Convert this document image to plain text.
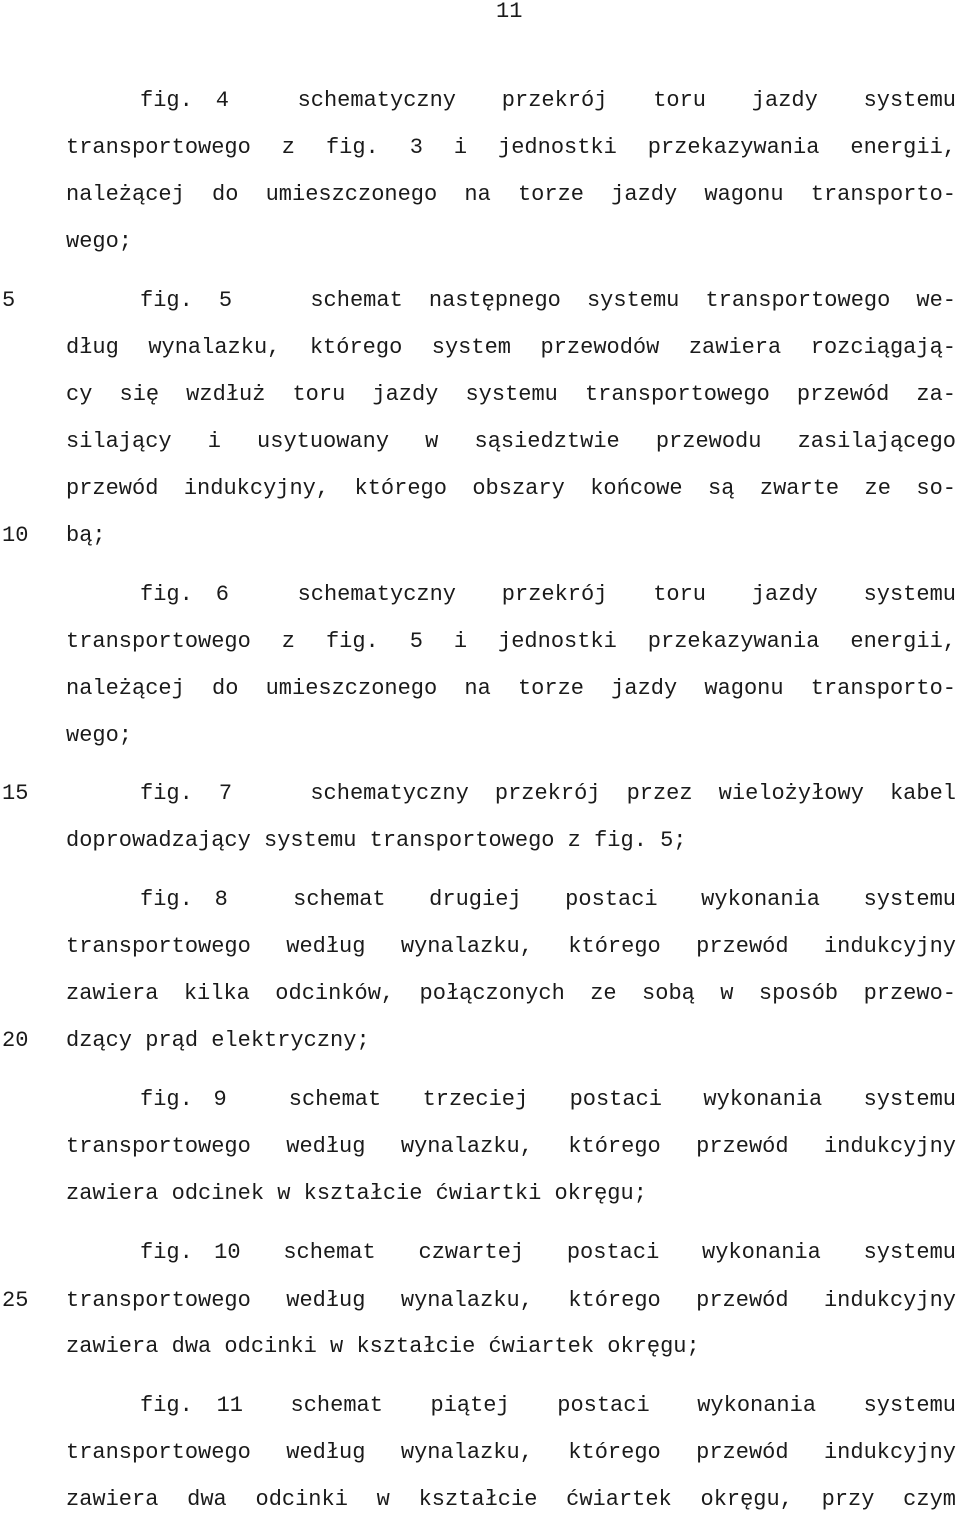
11
5
10
15
20
25
fig. 4   schematyczny  przekrój  toru  jazdy  systemu
transportowego z fig. 3 i jednostki przekazywania energii,
należącej do umieszczonego na torze jazdy wagonu transporto-
wego;
fig. 5   schemat następnego systemu transportowego we-
dług wynalazku, którego system przewodów zawiera rozciągają-
cy się wzdłuż toru jazdy systemu transportowego przewód za-
silający i usytuowany w sąsiedztwie przewodu zasilającego
przewód indukcyjny, którego obszary końcowe są zwarte ze so-
bą;
fig. 6   schematyczny  przekrój  toru  jazdy  systemu
transportowego z fig. 5 i jednostki przekazywania energii,
należącej do umieszczonego na torze jazdy wagonu transporto-
wego;
fig. 7   schematyczny przekrój przez wielożyłowy kabel
doprowadzający systemu transportowego z fig. 5;
fig. 8   schemat  drugiej  postaci  wykonania  systemu
transportowego według wynalazku, którego przewód indukcyjny
zawiera kilka odcinków, połączonych ze sobą w sposób przewo-
dzący prąd elektryczny;
fig. 9   schemat  trzeciej  postaci  wykonania  systemu
transportowego według wynalazku, którego przewód indukcyjny
zawiera odcinek w kształcie ćwiartki okręgu;
fig. 10  schemat  czwartej  postaci  wykonania  systemu
transportowego według wynalazku, którego przewód indukcyjny
zawiera dwa odcinki w kształcie ćwiartek okręgu;
fig. 11  schemat  piątej  postaci  wykonania  systemu
transportowego według wynalazku, którego przewód indukcyjny
zawiera dwa odcinki w kształcie ćwiartek okręgu, przy czym
